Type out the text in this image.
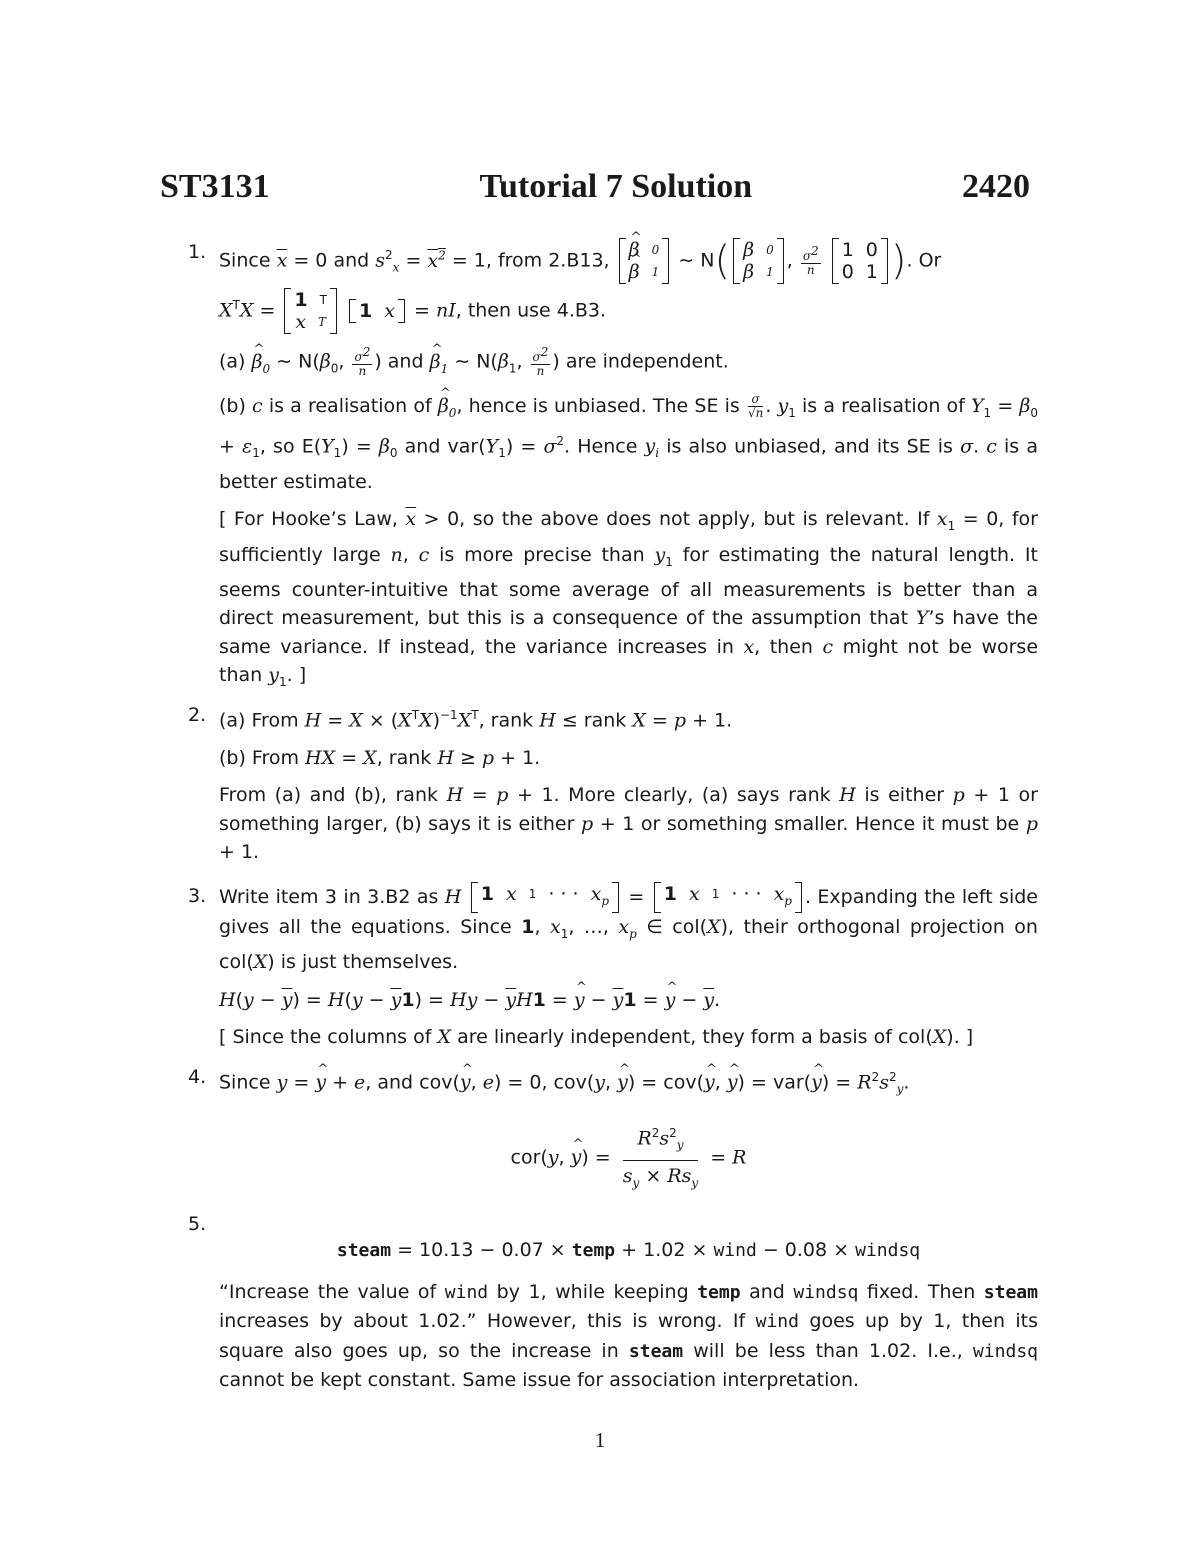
ST3131	Tutorial 7 Solution	2420
1. Since $\overline{x} = 0$ and $s^2_x = x^2 = 1$, from 2.B13, β ^ 0
β ^ 1
∼ N( β 0
β 1
, $\frac{\sigma^2}{n}$
1 0
0 1 ). Or

$X^TX = 1$ T
x T
1 x = nI, then use 4.B3.

(a) β $\^{}_0$ ∼ $N(\beta_0$, $\frac{\sigma^2}{n}$ ) and β $\^{}_1$ ∼ $N(\beta_1$, $\frac{\sigma^2}{n}$ ) are independent.

(b) c is a realisation of β $\^{}_0$, hence is unbiased. The SE is $\frac{\sigma}{√n}$ . $y_1$ is a realisation of $Y_1 = \beta_0 + \varepsilon_1$, so $E(Y_1) = \beta_0$ and $var(Y_1) = \sigma^2$. Hence $y_i$ is also unbiased, and its SE is σ. c is a better estimate.

[ For Hooke’s Law, $\overline{x} > 0$, so the above does not apply, but is relevant. If $x_1 = 0$, for sufficiently large n, c is more precise than $y_1$ for estimating the natural length. It seems counter-intuitive that some average of all measurements is better than a direct measurement, but this is a consequence of the assumption that Y’s have the same variance. If instead, the variance increases in x, then c might not be worse than $y_1$. ]

2. (a) From $H = X \times (X^TX)^{-1}X^T$, rank H ≤ rank X = p + 1.

(b) From HX = X, rank H ≥ p + 1.

From (a) and (b), rank H = p + 1. More clearly, (a) says rank H is either p + 1 or something larger, (b) says it is either p + 1 or something smaller. Hence it must be p + 1.

3. Write item 3 in 3.B2 as H 1 x 1 · · · $x_p = 1$ x 1 · · · $x_p$ . Expanding the left side gives all the equations. Since 1, $x_1$, …, $x_p$ ∈ col(X), their orthogonal projection on col(X) is just themselves.

$H(y - \overline{y}) = H(y - \overline{y}1) = Hy - \overline{y}H1 = y$ ^ − $\overline{y}1 = y$ ^ − $\overline{y}$.

[ Since the columns of X are linearly independent, they form a basis of col(X). ]

4. Since y = y ^ + e, and cov(y ^, e) = 0, cov(y, y ^) = cov(y ^, y ^) = var(y ^) = $R^2s^2_y$.

cor(y, y ^) =
$R^2s^2_y$
$s_y \times Rs_y$
= R
5.
steam = 10.13 − 0.07 × temp + 1.02 × wind − 0.08 × windsq

“Increase the value of wind by 1, while keeping temp and windsq fixed. Then steam increases by about 1.02.” However, this is wrong. If wind goes up by 1, then its square also goes up, so the increase in steam will be less than 1.02. I.e., windsq cannot be kept constant. Same issue for association interpretation.

1
